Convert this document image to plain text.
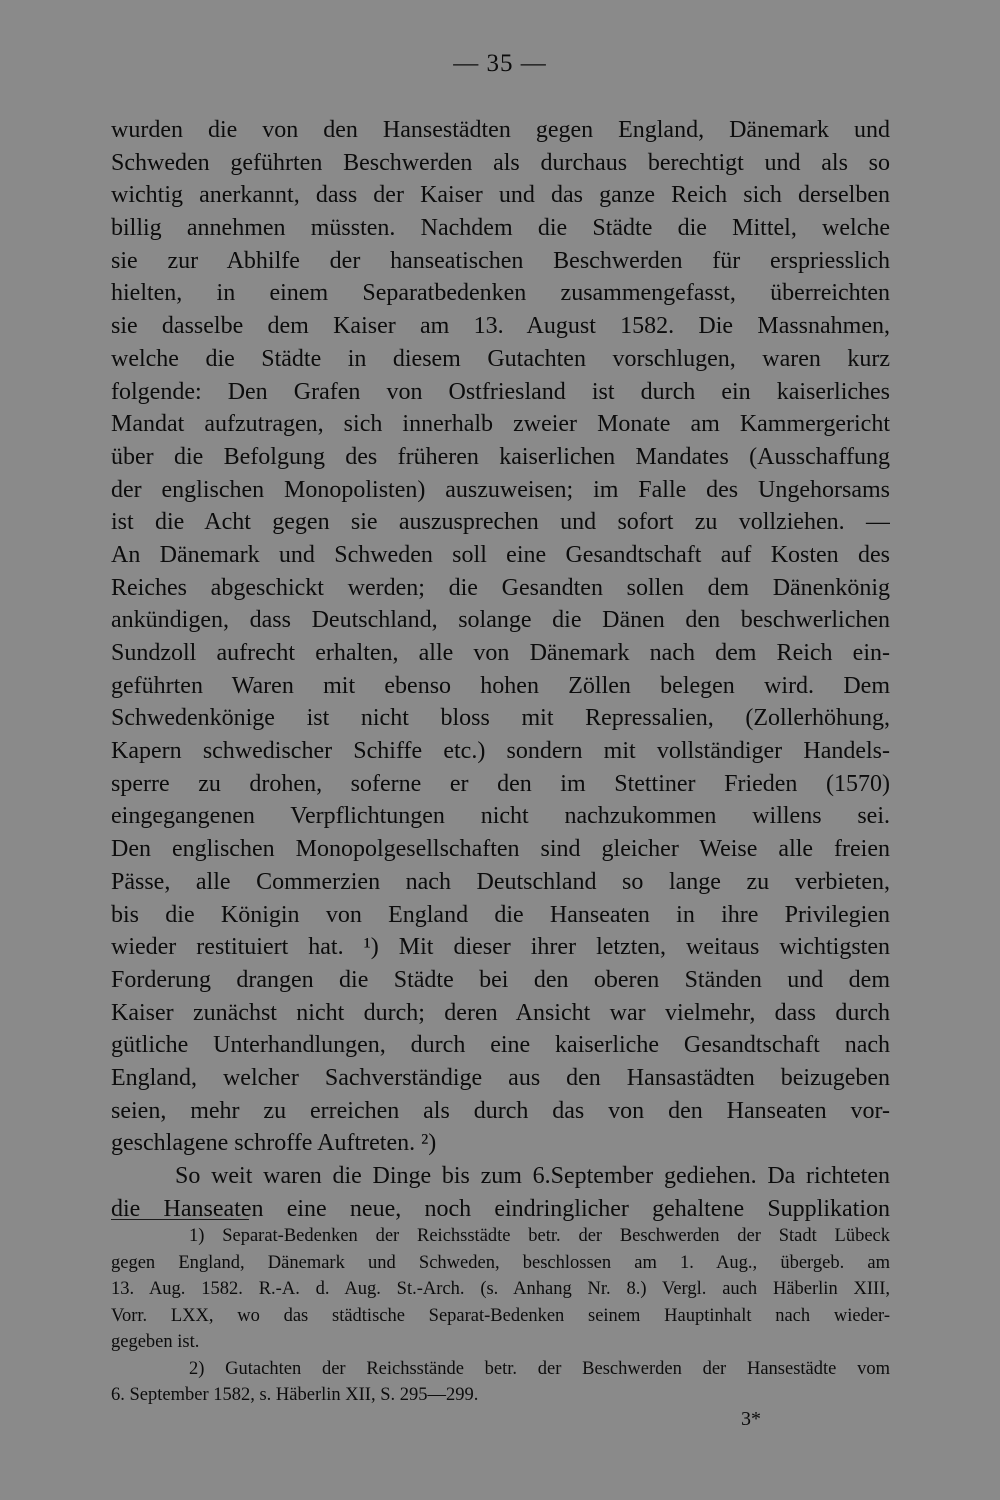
— 35 —
wurden die von den Hansestädten gegen England, Dänemark und
Schweden geführten Beschwerden als durchaus berechtigt und als so
wichtig anerkannt, dass der Kaiser und das ganze Reich sich derselben
billig annehmen müssten. Nachdem die Städte die Mittel, welche
sie zur Abhilfe der hanseatischen Beschwerden für erspriesslich
hielten, in einem Separatbedenken zusammengefasst, überreichten
sie dasselbe dem Kaiser am 13. August 1582. Die Massnahmen,
welche die Städte in diesem Gutachten vorschlugen, waren kurz
folgende: Den Grafen von Ostfriesland ist durch ein kaiserliches
Mandat aufzutragen, sich innerhalb zweier Monate am Kammergericht
über die Befolgung des früheren kaiserlichen Mandates (Ausschaffung
der englischen Monopolisten) auszuweisen; im Falle des Ungehorsams
ist die Acht gegen sie auszusprechen und sofort zu vollziehen. —
An Dänemark und Schweden soll eine Gesandtschaft auf Kosten des
Reiches abgeschickt werden; die Gesandten sollen dem Dänenkönig
ankündigen, dass Deutschland, solange die Dänen den beschwerlichen
Sundzoll aufrecht erhalten, alle von Dänemark nach dem Reich ein-
geführten Waren mit ebenso hohen Zöllen belegen wird. Dem
Schwedenkönige ist nicht bloss mit Repressalien, (Zollerhöhung,
Kapern schwedischer Schiffe etc.) sondern mit vollständiger Handels-
sperre zu drohen, soferne er den im Stettiner Frieden (1570)
eingegangenen Verpflichtungen nicht nachzukommen willens sei.
Den englischen Monopolgesellschaften sind gleicher Weise alle freien
Pässe, alle Commerzien nach Deutschland so lange zu verbieten,
bis die Königin von England die Hanseaten in ihre Privilegien
wieder restituiert hat. ¹) Mit dieser ihrer letzten, weitaus wichtigsten
Forderung drangen die Städte bei den oberen Ständen und dem
Kaiser zunächst nicht durch; deren Ansicht war vielmehr, dass durch
gütliche Unterhandlungen, durch eine kaiserliche Gesandtschaft nach
England, welcher Sachverständige aus den Hansastädten beizugeben
seien, mehr zu erreichen als durch das von den Hanseaten vor-
geschlagene schroffe Auftreten. ²)
So weit waren die Dinge bis zum 6.September gediehen. Da richteten
die Hanseaten eine neue, noch eindringlicher gehaltene Supplikation
1) Separat-Bedenken der Reichsstädte betr. der Beschwerden der Stadt Lübeck
gegen England, Dänemark und Schweden, beschlossen am 1. Aug., übergeb. am
13. Aug. 1582. R.-A. d. Aug. St.-Arch. (s. Anhang Nr. 8.) Vergl. auch Häberlin XIII,
Vorr. LXX, wo das städtische Separat-Bedenken seinem Hauptinhalt nach wieder-
gegeben ist.
2) Gutachten der Reichsstände betr. der Beschwerden der Hansestädte vom
6. September 1582, s. Häberlin XII, S. 295—299.
3*
